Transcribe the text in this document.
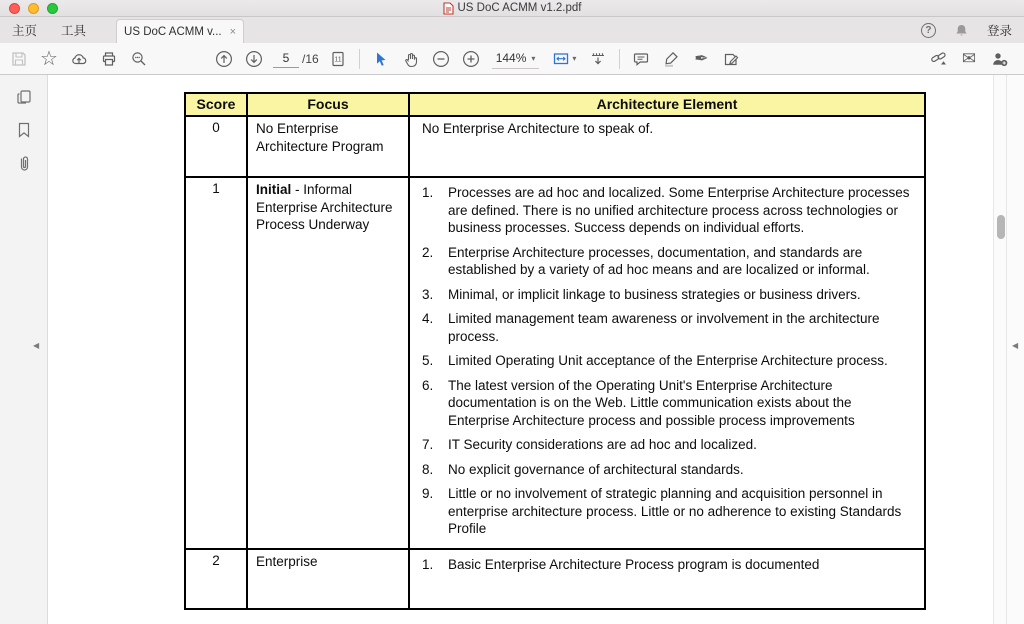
US DoC ACMM v1.2.pdf
主页	工具	US DoC ACMM v... ×	?	登录
☆
5	/16 11	144% ▾	▾	✒	✉
◀
Score	Focus	Architecture Element
0	No Enterprise Architecture Program	No Enterprise Architecture to speak of.
1	Initial - Informal Enterprise Architecture Process Underway	
1.	Processes are ad hoc and localized. Some Enterprise Architecture processes are defined. There is no unified architecture process across technologies or business processes. Success depends on individual efforts.
2.	Enterprise Architecture processes, documentation, and standards are established by a variety of ad hoc means and are localized or informal.
3.	Minimal, or implicit linkage to business strategies or business drivers.
4.	Limited management team awareness or involvement in the architecture process.
5.	Limited Operating Unit acceptance of the Enterprise Architecture process.
6.	The latest version of the Operating Unit's Enterprise Architecture documentation is on the Web. Little communication exists about the Enterprise Architecture process and possible process improvements
7.	IT Security considerations are ad hoc and localized.
8.	No explicit governance of architectural standards.
9.	Little or no involvement of strategic planning and acquisition personnel in enterprise architecture process. Little or no adherence to existing Standards Profile

2	Enterprise	1. Basic Enterprise Architecture Process program is documented
◀
